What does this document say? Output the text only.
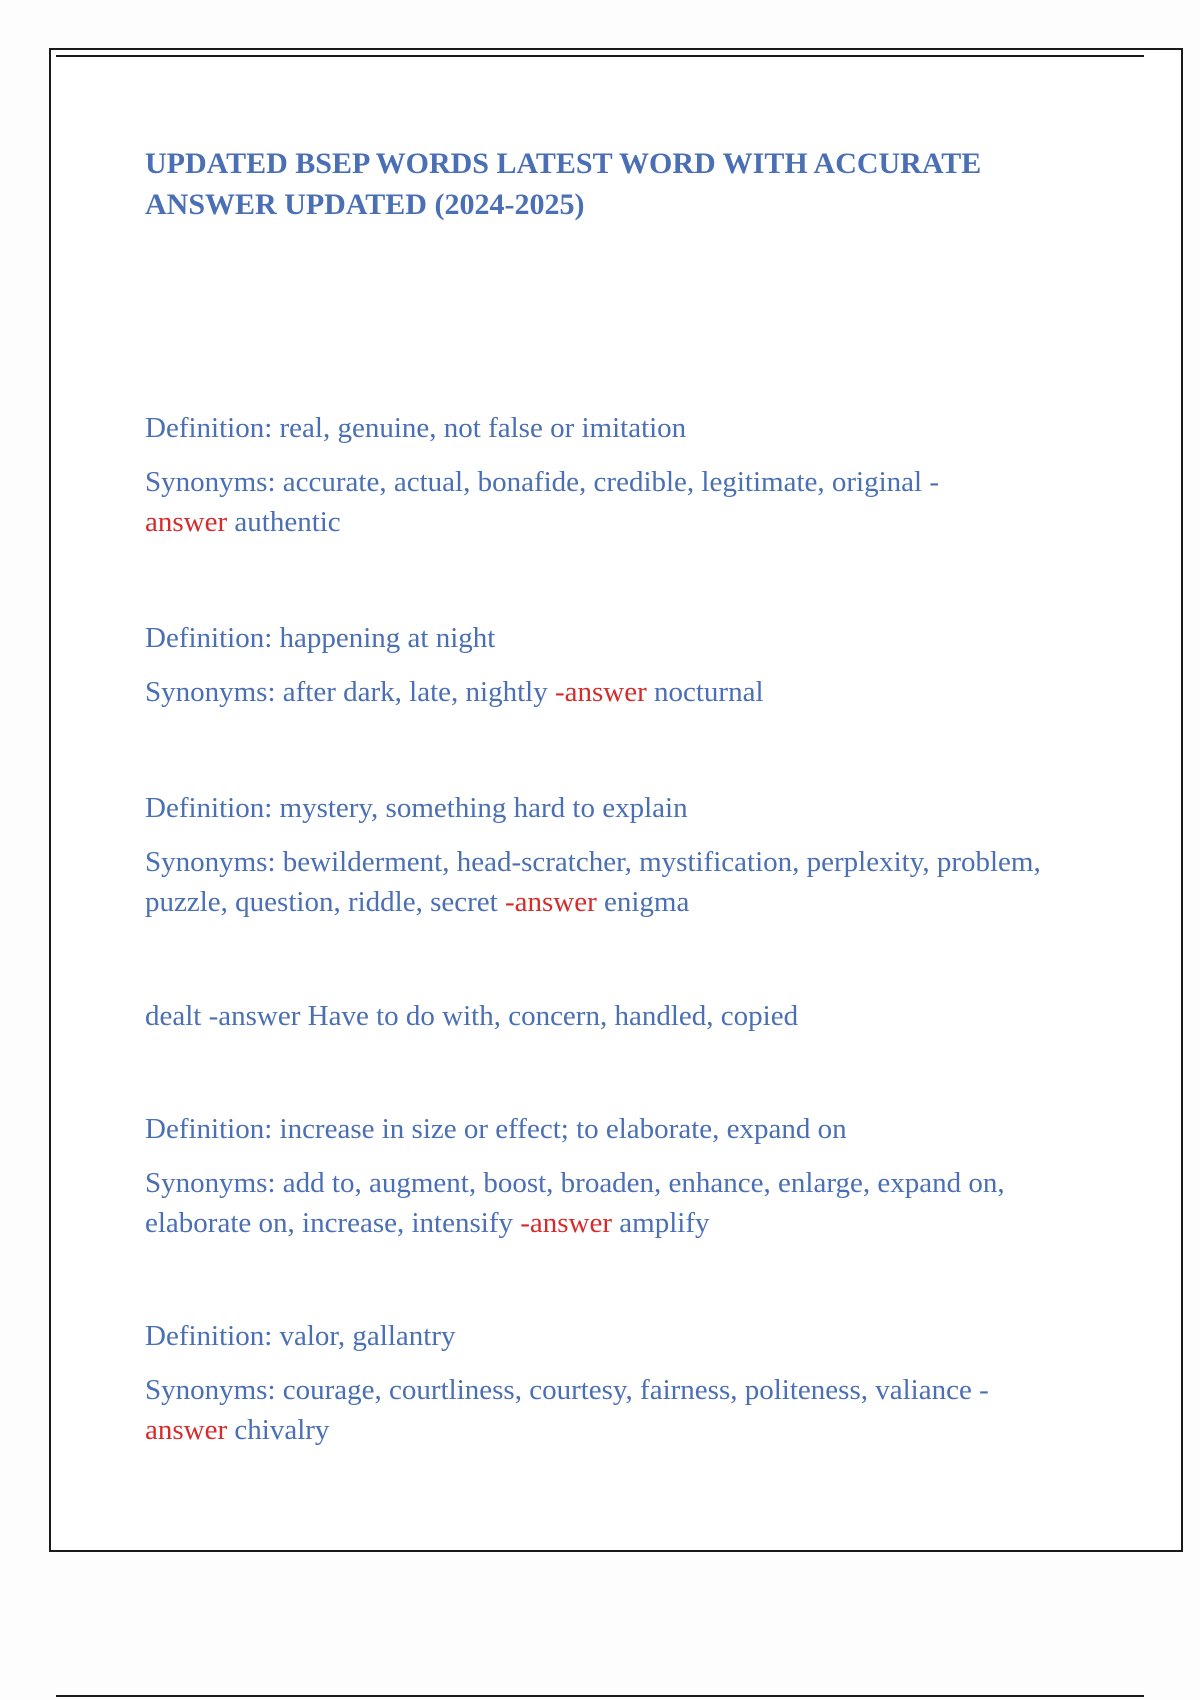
UPDATED BSEP WORDS LATEST WORD WITH ACCURATE ANSWER UPDATED (2024-2025)

Definition: real, genuine, not false or imitation

Synonyms: accurate, actual, bonafide, credible, legitimate, original -
answer authentic

Definition: happening at night

Synonyms: after dark, late, nightly -answer nocturnal

Definition: mystery, something hard to explain

Synonyms: bewilderment, head-scratcher, mystification, perplexity, problem, puzzle, question, riddle, secret -answer enigma

dealt -answer Have to do with, concern, handled, copied

Definition: increase in size or effect; to elaborate, expand on

Synonyms: add to, augment, boost, broaden, enhance, enlarge, expand on, elaborate on, increase, intensify -answer amplify

Definition: valor, gallantry

Synonyms: courage, courtliness, courtesy, fairness, politeness, valiance -
answer chivalry
